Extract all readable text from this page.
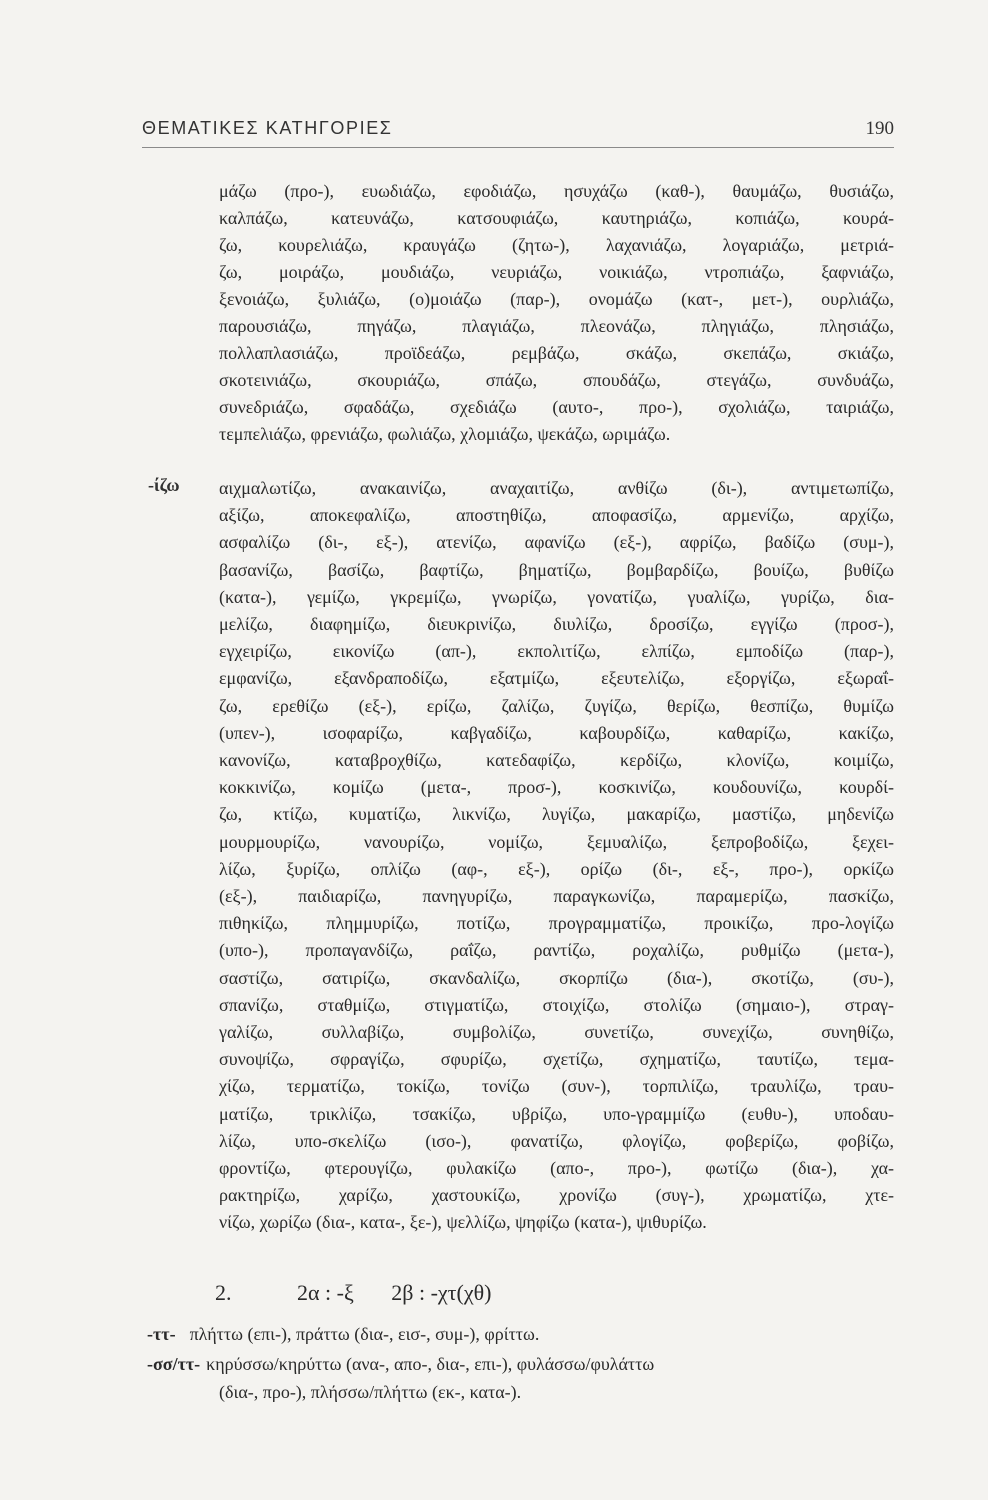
ΘΕΜΑΤΙΚΕΣ ΚΑΤΗΓΟΡΙΕΣ	190
μάζω (προ-), ευωδιάζω, εφοδιάζω, ησυχάζω (καθ-), θαυμάζω, θυσιάζω,
καλπάζω, κατευνάζω, κατσουφιάζω, καυτηριάζω, κοπιάζω, κουρά-
ζω, κουρελιάζω, κραυγάζω (ζητω-), λαχανιάζω, λογαριάζω, μετριά-
ζω, μοιράζω, μουδιάζω, νευριάζω, νοικιάζω, ντροπιάζω, ξαφνιάζω,
ξενοιάζω, ξυλιάζω, (ο)μοιάζω (παρ-), ονομάζω (κατ-, μετ-), ουρλιάζω,
παρουσιάζω, πηγάζω, πλαγιάζω, πλεονάζω, πληγιάζω, πλησιάζω,
πολλαπλασιάζω, προϊδεάζω, ρεμβάζω, σκάζω, σκεπάζω, σκιάζω,
σκοτεινιάζω, σκουριάζω, σπάζω, σπουδάζω, στεγάζω, συνδυάζω,
συνεδριάζω, σφαδάζω, σχεδιάζω (αυτο-, προ-), σχολιάζω, ταιριάζω,
τεμπελιάζω, φρενιάζω, φωλιάζω, χλομιάζω, ψεκάζω, ωριμάζω.
-ίζω αιχμαλωτίζω, ανακαινίζω, αναχαιτίζω, ανθίζω (δι-), αντιμετωπίζω,
αξίζω, αποκεφαλίζω, αποστηθίζω, αποφασίζω, αρμενίζω, αρχίζω,
ασφαλίζω (δι-, εξ-), ατενίζω, αφανίζω (εξ-), αφρίζω, βαδίζω (συμ-),
βασανίζω, βασίζω, βαφτίζω, βηματίζω, βομβαρδίζω, βουίζω, βυθίζω
(κατα-), γεμίζω, γκρεμίζω, γνωρίζω, γονατίζω, γυαλίζω, γυρίζω, δια-
μελίζω, διαφημίζω, διευκρινίζω, διυλίζω, δροσίζω, εγγίζω (προσ-),
εγχειρίζω, εικονίζω (απ-), εκπολιτίζω, ελπίζω, εμποδίζω (παρ-),
εμφανίζω, εξανδραποδίζω, εξατμίζω, εξευτελίζω, εξοργίζω, εξωραΐ-
ζω, ερεθίζω (εξ-), ερίζω, ζαλίζω, ζυγίζω, θερίζω, θεσπίζω, θυμίζω
(υπεν-), ισοφαρίζω, καβγαδίζω, καβουρδίζω, καθαρίζω, κακίζω,
κανονίζω, καταβροχθίζω, κατεδαφίζω, κερδίζω, κλονίζω, κοιμίζω,
κοκκινίζω, κομίζω (μετα-, προσ-), κοσκινίζω, κουδουνίζω, κουρδί-
ζω, κτίζω, κυματίζω, λικνίζω, λυγίζω, μακαρίζω, μαστίζω, μηδενίζω
μουρμουρίζω, νανουρίζω, νομίζω, ξεμυαλίζω, ξεπροβοδίζω, ξεχει-
λίζω, ξυρίζω, οπλίζω (αφ-, εξ-), ορίζω (δι-, εξ-, προ-), ορκίζω
(εξ-), παιδιαρίζω, πανηγυρίζω, παραγκωνίζω, παραμερίζω, πασκίζω,
πιθηκίζω, πλημμυρίζω, ποτίζω, προγραμματίζω, προικίζω, προ-λογίζω
(υπο-), προπαγανδίζω, ραΐζω, ραντίζω, ροχαλίζω, ρυθμίζω (μετα-),
σαστίζω, σατιρίζω, σκανδαλίζω, σκορπίζω (δια-), σκοτίζω, (συ-),
σπανίζω, σταθμίζω, στιγματίζω, στοιχίζω, στολίζω (σημαιο-), στραγ-
γαλίζω, συλλαβίζω, συμβολίζω, συνετίζω, συνεχίζω, συνηθίζω,
συνοψίζω, σφραγίζω, σφυρίζω, σχετίζω, σχηματίζω, ταυτίζω, τεμα-
χίζω, τερματίζω, τοκίζω, τονίζω (συν-), τορπιλίζω, τραυλίζω, τραυ-
ματίζω, τρικλίζω, τσακίζω, υβρίζω, υπο-γραμμίζω (ευθυ-), υποδαυ-
λίζω, υπο-σκελίζω (ισο-), φανατίζω, φλογίζω, φοβερίζω, φοβίζω,
φροντίζω, φτερουγίζω, φυλακίζω (απο-, προ-), φωτίζω (δια-), χα-
ρακτηρίζω, χαρίζω, χαστουκίζω, χρονίζω (συγ-), χρωματίζω, χτε-
νίζω, χωρίζω (δια-, κατα-, ξε-), ψελλίζω, ψηφίζω (κατα-), ψιθυρίζω.
2.	2α : -ξ 2β : -χτ(χθ)
-ττ- πλήττω (επι-), πράττω (δια-, εισ-, συμ-), φρίττω.
-σσ/ττ- κηρύσσω/κηρύττω (ανα-, απο-, δια-, επι-), φυλάσσω/φυλάττω
(δια-, προ-), πλήσσω/πλήττω (εκ-, κατα-).
